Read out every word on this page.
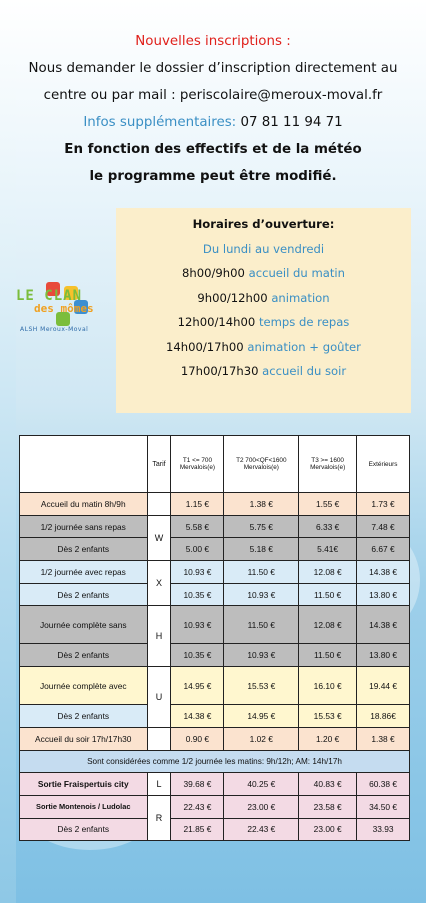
Nouvelles inscriptions :
Nous demander le dossier d’inscription directement au
centre ou par mail : periscolaire@meroux-moval.fr
Infos supplémentaires: 07 81 11 94 71
En fonction des effectifs et de la météo
le programme peut être modifié.
LE CLAN
des mômes
ALSH Meroux-Moval
Horaires d’ouverture:
Du lundi au vendredi
8h00/9h00 accueil du matin
9h00/12h00 animation
12h00/14h00 temps de repas
14h00/17h00 animation + goûter
17h00/17h30 accueil du soir
	Tarif	T1 <= 700 Mervalois(e)	T2 700<QF<1600 Mervalois(e)	T3 >= 1600 Mervalois(e)	Extérieurs
Accueil du matin 8h/9h		1.15 €	1.38 €	1.55 €	1.73 €
1/2 journée sans repas	W	5.58 €	5.75 €	6.33 €	7.48 €
Dès 2 enfants		5.00 €	5.18 €	5.41€	6.67 €
1/2 journée avec repas	X	10.93 €	11.50 €	12.08 €	14.38 €
Dès 2 enfants		10.35 €	10.93 €	11.50 €	13.80 €
Journée complète sans	H	10.93 €	11.50 €	12.08 €	14.38 €
Dès 2 enfants		10.35 €	10.93 €	11.50 €	13.80 €
Journée complète avec	U	14.95 €	15.53 €	16.10 €	19.44 €
Dès 2 enfants		14.38 €	14.95 €	15.53 €	18.86€
Accueil du soir 17h/17h30		0.90 €	1.02 €	1.20 €	1.38 €
Sont considérées comme 1/2 journée les matins: 9h/12h; AM: 14h/17h					
Sortie Fraispertuis city	L	39.68 €	40.25 €	40.83 €	60.38 €
Sortie Montenois / Ludolac	R	22.43 €	23.00 €	23.58 €	34.50 €
Dès 2 enfants		21.85 €	22.43 €	23.00 €	33.93
